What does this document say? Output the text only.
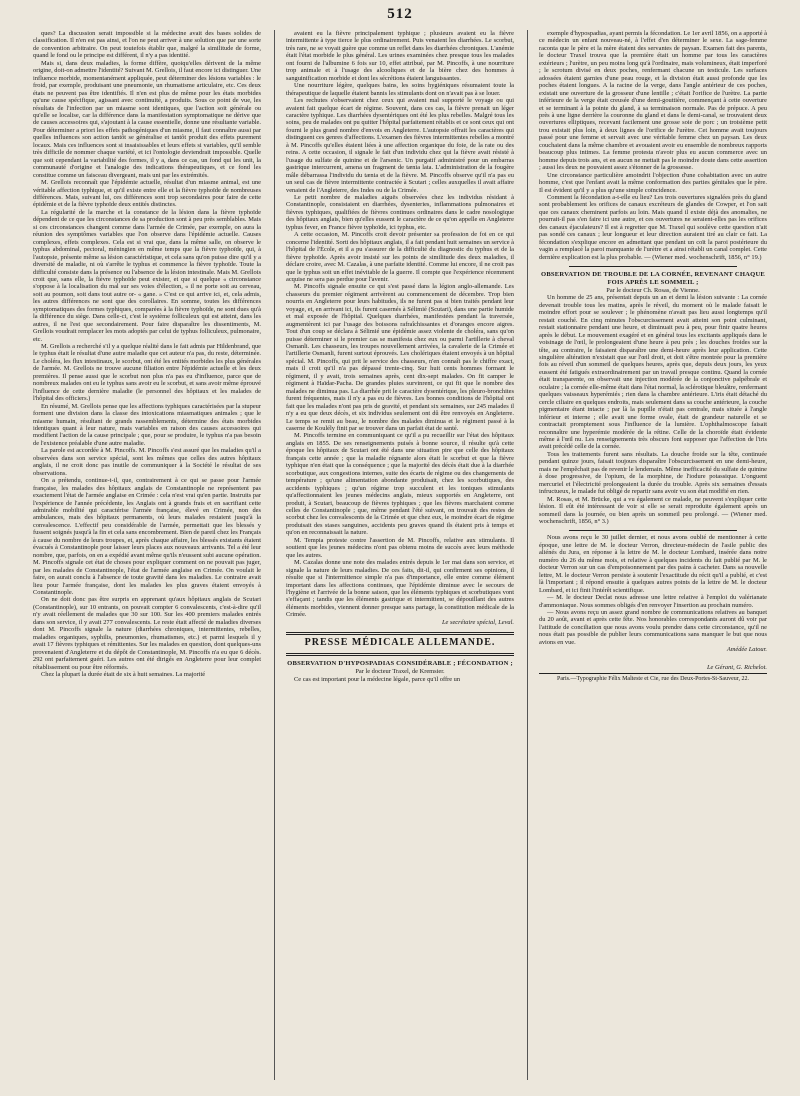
512

ques? La discussion serait impossible si la médecine avait des bases solides de classification. Il n'en est pas ainsi, et l'on ne peut arriver à une solution que par une sorte de convention arbitraire. On peut toutefois établir que, malgré la similitude de forme, quand le fond ou le principe est différent, il n'y a pas identité.

Mais si, dans deux maladies, la forme diffère, quoiqu'elles dérivent de la même origine, doit-on admettre l'identité? Suivant M. Grellois, il faut encore ici distinguer. Une influence morbide, momentanément appliquée, peut déterminer des lésions variables : le froid, par exemple, produisant une pneumonie, un rhumatisme articulaire, etc. Ces deux états ne peuvent pas être identifiés. Il n'en est plus de même pour les états morbides qu'une cause spécifique, agissant avec continuité, a produits. Sous ce point de vue, les résultats de l'infection par un miasme sont identiques, que l'action soit générale ou qu'elle se localise, car la différence dans la manifestation symptomatique ne dérive que de causes accessoires qui, s'ajoutant à la cause essentielle, donne une résultante variable. Pour déterminer a priori les effets pathogéniques d'un miasme, il faut connaître aussi par quelles influences son action tantôt se généralise et tantôt produit des effets purement locaux. Mais ces influences sont si insaisissables et leurs effets si variables, qu'il semble très difficile de nommer chaque variété, et ici l'ontologie deviendrait impossible. Quelle que soit cependant la variabilité des formes, il y a, dans ce cas, un fond qui les unit, la communauté d'origine et l'analogie des indications thérapeutiques, et ce fond les constitue comme un faisceau divergeant, mais uni par les extrémités.

M. Grellois reconnaît que l'épidémie actuelle, résultat d'un miasme animal, est une véritable affection typhique, et qu'il existe entre elle et la fièvre typhoïde de nombreuses différences. Mais, suivant lui, ces différences sont trop secondaires pour faire de cette épidémie et de la fièvre typhoïde deux entités distinctes.

La régularité de la marche et la constance de la lésion dans la fièvre typhoïde dépendent de ce que les circonstances de sa production sont à peu près semblables. Mais si ces circonstances changent comme dans l'armée de Crimée, par exemple, on aura la réunion des symptômes variables que l'on observe dans l'épidémie actuelle. Causes complexes, effets complexes. Cela est si vrai que, dans la même salle, on observe le typhus abdominal, pectoral, méningien en même temps que la fièvre typhoïde, qui, à l'autopsie, présente même sa lésion caractéristique, et cela sans qu'on puisse dire qu'il y a diversité de maladie, ni où s'arrête le typhus et commence la fièvre typhoïde. Toute la difficulté consiste dans la présence ou l'absence de la lésion intestinale. Mais M. Grellois croit que, sans elle, la fièvre typhoïde peut exister, et que si quelque « circonstance s'oppose à la localisation du mal sur ses voies d'élection, « il ne porte soit au cerveau, soit au poumon, soit dans tout autre or- « gane. » C'est ce qui arrive ici, et, cela admis, les autres différences ne sont que des corollaires. En somme, toutes les différences symptomatiques des formes typhiques, comparées à la fièvre typhoïde, ne sont dues qu'à la différence du siège. Dans celle-ci, c'est le système folliculeux qui est atteint, dans les autres, il ne l'est que secondairement. Pour faire disparaître les dissentiments, M. Grellois voudrait remplacer les mots adoptés par celui de typhus folliculeux, pulmonaire, etc.

M. Grellois a recherché s'il y a quelque réalité dans le fait admis par Hildenbrand, que le typhus était le résultat d'une autre maladie que cet auteur n'a pas, du reste, déterminée. Le choléra, les flux intestinaux, le scorbut, ont été les entités morbides les plus générales de l'armée. M. Grellois ne trouve aucune filiation entre l'épidémie actuelle et les deux premières. Il pense aussi que le scorbut non plus n'a pas eu d'influence, parce que de nombreux malades ont eu le typhus sans avoir eu le scorbut, et sans avoir même éprouvé l'influence de cette dernière maladie (le personnel des hôpitaux et les malades de l'hôpital des officiers.)

En résumé, M. Grellois pense que les affections typhiques caractérisées par la stupeur forment une division dans la classe des intoxications miasmatiques animales ; que le miasme humain, résultant de grands rassemblements, détermine des états morbides identiques quant à leur nature, mais variables en raison des causes accessoires qui modifient l'action de la cause principale ; que, pour se produire, le typhus n'a pas besoin de l'existence préalable d'une autre maladie.

La parole est accordée à M. Pincoffs. M. Pincoffs s'est assuré que les maladies qu'il a observées dans son service spécial, sont les mêmes que celles des autres hôpitaux anglais, il ne croit donc pas inutile de communiquer à la Société le résultat de ses observations.

On a prétendu, continue-t-il, que, contrairement à ce qui se passe pour l'armée française, les malades des hôpitaux anglais de Constantinople ne représentent pas exactement l'état de l'armée anglaise en Crimée : cela n'est vrai qu'en partie. Instruits par l'expérience de l'année précédente, les Anglais ont à grands frais et en sacrifiant cette admirable mobilité qui caractérise l'armée française, élevé en Crimée, non des ambulances, mais des hôpitaux permanents, où leurs malades restaient jusqu'à la convalescence. L'effectif peu considérable de l'armée, permettait que les blessés y fussent soignés jusqu'à la fin et cela sans encombrement. Bien de pareil chez les Français à cause du nombre de leurs troupes, et, après chaque affaire, les blessés existants étaient évacués à Constantinople pour laisser leurs places aux nouveaux arrivants. Tel a été leur nombre, que, parfois, on en a expédié avant même qu'ils n'eussent subi aucune opération. M. Pincoffs signale cet état de choses pour expliquer comment on ne pouvait pas juger, par les malades de Constantinople, l'état de l'armée anglaise en Crimée. On voulait le faire, on aurait conclu à l'absence de toute gravité dans les maladies. Le contraire avait lieu pour l'armée française, dont les malades les plus graves étaient envoyés à Constantinople.

On ne doit donc pas être surpris en apprenant qu'aux hôpitaux anglais de Scutari (Constantinople), sur 10 entrants, on pouvait compter 6 convalescents, c'est-à-dire qu'il n'y avait réellement de malades que 30 sur 100. Sur les 400 premiers malades entrés dans son service, il y avait 277 convalescents. Le reste était affecté de maladies diverses dont M. Pincoffs signale la nature (diarrhées chroniques, intermittentes, rebelles, maladies organiques, syphilis, pneumonies, rhumatismes, etc.) et parmi lesquels il y avait 17 fièvres typhiques et rémittentes. Sur les malades en question, dont quelques-uns provenaient d'Angleterre et du dépôt de Constantinople, M. Pincoffs n'a eu que 6 décès. 292 ont parfaitement guéri. Les autres ont été dirigés en Angleterre pour leur complet rétablissement ou pour être réformés.

Chez la plupart la durée était de six à huit semaines. La majorité

avaient eu la fièvre principalement typhique ; plusieurs avaient eu la fièvre intermittente à type tierce le plus ordinairement. Puis venaient les diarrhées. Le scorbut, très rare, ne se voyait guère que comme un reflet dans les diarrhées chroniques. L'anémie était l'état morbide le plus général. Les urines examinées chez presque tous les malades ont fourni de l'albumine 6 fois sur 10, effet attribué, par M. Pincoffs, à une nourriture trop animale et à l'usage des alcooliques et de la bière chez des hommes à sanguinification morbide et dont les sécrétions étaient languissantes.

Une nourriture légère, quelques bains, les soins hygiéniques résumaient toute la thérapeutique de laquelle étaient bannis les stimulants dont on n'avait pas à se louer.

Les rechutes s'observaient chez ceux qui avaient mal supporté le voyage ou qui avaient fait quelque écart de régime. Souvent, dans ces cas, la fièvre prenait un léger caractère typhique. Les diarrhées dysentériques ont été les plus rebelles. Malgré tous les soins, peu de malades ont pu quitter l'hôpital parfaitement rétablis et ce sont ceux qui ont fourni le plus grand nombre d'envois en Angleterre. L'autopsie offrait les caractères qui distinguent ces genres d'affections. L'examen des fièvres intermittentes rebelles a montré à M. Pincoffs qu'elles étaient liées à une affection organique du foie, de la rate ou des reins. A cette occasion, il signale le fait d'un individu chez qui la fièvre avait résisté à l'usage du sulfate de quinine et de l'arsenic. Un purgatif administré pour un embarras gastrique intercurrent, amena un fragment de tænia lata. L'administration de la fougère mâle débarrassa l'individu du tænia et de la fièvre. M. Pincoffs observe qu'il n'a pas eu un seul cas de fièvre intermittente contractée à Scutari ; celles auxquelles il avait affaire venaient de l'Angleterre, des Indes ou de la Crimée.

Le petit nombre de maladies aiguës observées chez les individus résidant à Constantinople, consistaient en diarrhées, dysenteries, inflammations pulmonaires et fièvres typhiques, qualifiées de fièvres continues ordinaires dans le cadre nosologique des hôpitaux anglais, bien qu'elles eussent le caractère de ce qu'on appelle en Angleterre typhus fever, en France fièvre typhoïde, ici typhus, etc.

A cette occasion, M. Pincoffs croit devoir présenter sa profession de foi en ce qui concerne l'identité. Sorti des hôpitaux anglais, il a fait pendant huit semaines un service à l'hôpital de l'École, et il a pu s'assurer de la difficulté du diagnostic du typhus et de la fièvre typhoïde. Après avoir insisté sur les points de similitude des deux maladies, il déclare croire, avec M. Cazalas, à une parfaite identité. Comme lui encore, il ne croit pas que le typhus soit un effet inévitable de la guerre. Il compte que l'expérience récemment acquise ne sera pas perdue pour l'avenir.

M. Pincoffs signale ensuite ce qui s'est passé dans la légion anglo-allemande. Les chasseurs du premier régiment arrivèrent au commencement de décembre. Trop bien nourris en Angleterre pour leurs habitudes, ils ne furent pas si bien traités pendant leur voyage, et, en arrivant ici, ils furent casernés à Sélimié (Scutari), dans une partie humide et mal exposée de l'hôpital. Quelques diarrhées, manifestées pendant la traversée, augmentèrent ici par l'usage des boissons rafraîchissantes et d'oranges encore aigres. Tout d'un coup se déclara à Sélimié une épidémie assez violente de choléra, sans qu'on puisse déterminer si le premier cas se manifesta chez eux ou parmi l'artillerie à cheval Osmanli. Les chasseurs, les troupes nouvellement arrivées, la cavalerie de la Crimée et l'artillerie Osmanli, furent surtout éprouvés. Les cholériques étaient envoyés à un hôpital spécial. M. Pincoffs, qui prit le service des chasseurs, n'en connaît pas le chiffre exact, mais il croit qu'il n'a pas dépassé trente-cinq. Sur huit cents hommes formant le régiment, il y avait, trois semaines après, cent dix-sept malades. On fit camper le régiment à Haïdar-Pacha. De grandes pluies survinrent, ce qui fit que le nombre des malades ne diminua pas. La diarrhée prit le caractère dysentérique, les pleuro-bronchites furent fréquentes, mais il n'y a pas eu de fièvres. Les bonnes conditions de l'hôpital ont fait que les malades n'ont pas pris de gravité, et pendant six semaines, sur 245 malades il n'y a eu que deux décès, et six individus seulement ont dû être renvoyés en Angleterre. Le temps se remit au beau, le nombre des malades diminua et le régiment passé à la caserne de Koulély finit par se trouver dans un parfait état de santé.

M. Pincoffs termine en communiquant ce qu'il a pu recueillir sur l'état des hôpitaux anglais en 1855. De ses renseignements puisés à bonne source, il résulte qu'à cette époque les hôpitaux de Scutari ont été dans une situation pire que celle des hôpitaux français cette année ; que la maladie régnante alors était le scorbut et que la fièvre typhique n'en était que la conséquence ; que la majorité des décès était due à la diarrhée scorbutique, aux congestions internes, suite des écarts de régime ou des changements de température ; qu'une alimentation abondante produisait, chez les scorbutiques, des accidents typhiques ; qu'un régime trop succulent et les toniques stimulants qu'affectionnaient les jeunes médecins anglais, mieux supportés en Angleterre, ont produit, à Scutari, beaucoup de fièvres typhiques ; que les fièvres marchaient comme celles de Constantinople ; que, même pendant l'été suivant, on trouvait des restes de scorbut chez les convalescents de la Crimée et que chez eux, le moindre écart de régime produisait des stases sanguines, accidents peu graves quand ils étaient pris à temps et qu'on en reconnaissait la nature.

M. Tempia proteste contre l'assertion de M. Pincoffs, relative aux stimulants. Il soutient que les jeunes médecins n'ont pas obtenu moins de succès avec leurs méthode que les autres.

M. Cazalas donne une note des malades entrés depuis le 1er mai dans son service, et signale la nature de leurs maladies. De ces faits, dit-il, qui confirment ses opinions, il résulte que si l'intermittence simple n'a pas d'importance, elle entre comme élément important dans les affections continues, que l'épidémie diminue avec le secours de l'hygiène et l'arrivée de la bonne saison, que les éléments typhiques et scorbutiques vont s'effaçant ; tandis que les éléments gastrique et intermittent, se dépouillant des autres éléments morbides, viennent donner presque sans partage, la constitution médicale de la Crimée.

Le secrétaire spécial, Leval.

PRESSE MÉDICALE ALLEMANDE.
OBSERVATION D'HYPOSPADIAS CONSIDÉRABLE ; FÉCONDATION ;

Par le docteur Traxel, de Kremsier.

Ce cas est important pour la médecine légale, parce qu'il offre un

exemple d'hypospadias, ayant permis la fécondation. Le 1er avril 1856, on a apporté à ce médecin un enfant nouveau-né, à l'effet d'en déterminer le sexe. La sage-femme raconta que le père et la mère étaient des servantes de paysan. Examen fait des parents, le docteur Traxel trouva que la première était un homme par tous les caractères extérieurs ; l'urètre, un peu moins long qu'à l'ordinaire, mais volumineux, était imperforé ; le scrotum divisé en deux poches, renfermant chacune un testicule. Les surfaces adossées étaient garnies d'une peau rouge, et la division était aussi profonde que les poches étaient longues. A la racine de la verge, dans l'angle antérieur de ces poches, existait une ouverture de la grosseur d'une lentille ; c'était l'orifice de l'urètre. La partie inférieure de la verge était creusée d'une demi-gouttière, commençant à cette ouverture et se terminant à la pointe du gland, à sa terminaison normale. Pas de prépuce. A peu près à une ligne derrière la couronne du gland et dans le demi-canal, se trouvaient deux ouvertures elliptiques, recevant facilement une grosse soie de porc ; un troisième petit trou existait plus loin, à deux lignes de l'orifice de l'urètre. Cet homme avait toujours passé pour une femme et servait avec une véritable femme chez un paysan. Les deux couchaient dans la même chambre et avouaient avoir eu ensemble de nombreux rapports beaucoup plus intimes. La femme protesta n'avoir plus eu aucun commerce avec un homme depuis trois ans, et en aucun ne mettait pas le moindre doute dans cette assertion ; aussi les deux ne pouvaient assez s'étonner de la grossesse.

Une circonstance particulière amoindrit l'objection d'une cohabitation avec un autre homme, c'est que l'enfant avait la même conformation des parties génitales que le père. Il est évident qu'il y a plus qu'une simple coïncidence.

Comment la fécondation a-t-elle eu lieu? Les trois ouvertures signalées près du gland sont probablement les orifices de canaux excréteurs de glandes de Cowper, et l'on sait que ces canaux cheminent parfois au loin. Mais quand il existe déjà des anomalies, ne pourrait-il pas s'en faire ici une autre, et ces ouvertures ne seraient-elles pas les orifices des canaux éjaculateurs? Il est à regretter que M. Traxel qui soulève cette question n'ait pas sondé ces canaux ; leur longueur et leur direction auraient tiré au clair ce fait. La fécondation s'explique encore en admettant que pendant un coït la paroi postérieure du vagin a remplacé la paroi manquante de l'urètre et a ainsi rétabli un canal complet. Cette dernière explication est la plus probable. — (Wiener med. wochenschrift, 1856, n° 19.)

OBSERVATION DE TROUBLE DE LA CORNÉE, REVENANT CHAQUE FOIS APRÈS LE SOMMEIL ;

Par le docteur Ch. Rosas, de Vienne.

Un homme de 25 ans, présentait depuis un an et demi la lésion suivante : La cornée devenait trouble tous les matins, après le réveil, du moment où le malade faisait le moindre effort pour se soulever ; le phénomène n'avait pas lieu aussi longtemps qu'il restait couché. En cinq minutes l'obscurcissement avait atteint son point culminant, restait stationnaire pendant une heure, et diminuait peu à peu, pour finir quatre heures après le début. Le mouvement exagéré et en général tous les excitants appliqués dans le voisinage de l'œil, le prolongeaient d'une heure à peu près ; les douches froides sur la tête, au contraire, le faisaient disparaître une demi-heure après leur application. Cette singulière altération n'existait que sur l'œil droit, et doit s'être montrée pour la première fois au réveil d'un sommeil de quelques heures, après que, depuis deux jours, les yeux eussent été fatigués extraordinairement par un travail presque continu. Quand la cornée était transparente, on observait une injection modérée de la conjonctive palpébrale et oculaire ; la cornée elle-même était dans l'état normal, la sclérotique bleuâtre, renfermant quelques vaisseaux hyperémiés ; rien dans la chambre antérieure. L'iris était détaché du cercle ciliaire en quelques endroits, mais seulement dans sa couche antérieure, la couche pigmentaire étant intacte ; par là la pupille n'était pas centrale, mais située à l'angle inférieur et interne ; elle avait une forme ovale, était de grandeur naturelle et se contractait promptement sous l'influence de la lumière. L'ophthalmoscope faisait reconnaître une hyperémie modérée de la rétine. Celle de la choroïde était évidente même à l'œil nu. Les renseignements très obscurs font supposer que l'affection de l'iris avait précédé celle de la cornée.

Tous les traitements furent sans résultats. La douche froide sur la tête, continuée pendant quinze jours, faisait toujours disparaître l'obscurcissement en une demi-heure, mais ne l'empêchait pas de revenir le lendemain. Même inefficacité du sulfate de quinine à dose progressive, de l'opium, de la morphine, de l'iodure potassique. L'onguent mercuriel et l'électricité prolongeaient la durée du trouble. Après six semaines d'essais infructueux, le malade fut obligé de repartir sans avoir vu son état modifié en rien.

M. Rosas, et M. Brücke, qui a vu également ce malade, ne peuvent s'expliquer cette lésion. Il eût été intéressant de voir si elle se serait reproduite également après un sommeil dans la journée, ou bien après un sommeil peu prolongé. — (Wiener med. wochenschrift, 1856, n° 3.)

Nous avons reçu le 30 juillet dernier, et nous avons oublié de mentionner à cette époque, une lettre de M. le docteur Verron, directeur-médecin de l'asile public des aliénés du Jura, en réponse à la lettre de M. le docteur Lombard, insérée dans notre numéro du 26 du même mois, et relative à quelques incidents du fait publié par M. le docteur Verron sur un cas d'empoisonnement par des pains à cacheter. Dans sa nouvelle lettre, M. le docteur Verron persiste à soutenir l'exactitude du récit qu'il a publié, et c'est là l'important ; il répond ensuite à quelques autres points de la lettre de M. le docteur Lombard, et ici finit l'intérêt scientifique.

— M. le docteur Declat nous adresse une lettre relative à l'emploi du valérianate d'ammoniaque. Nous sommes obligés d'en renvoyer l'insertion au prochain numéro.

— Nous avons reçu un assez grand nombre de communications relatives au banquet du 20 août, avant et après cette fête. Nos honorables correspondants auront dû voir par l'attitude de conciliation que nous avons voulu prendre dans cette circonstance, qu'il ne nous était pas possible de publier leurs communications sans manquer le but que nous avions en vue.

Amédée Latour.

Le Gérant, G. Richelot.
Paris.—Typographie Félix Malteste et Cie, rue des Deux-Portes-St-Sauveur, 22.
